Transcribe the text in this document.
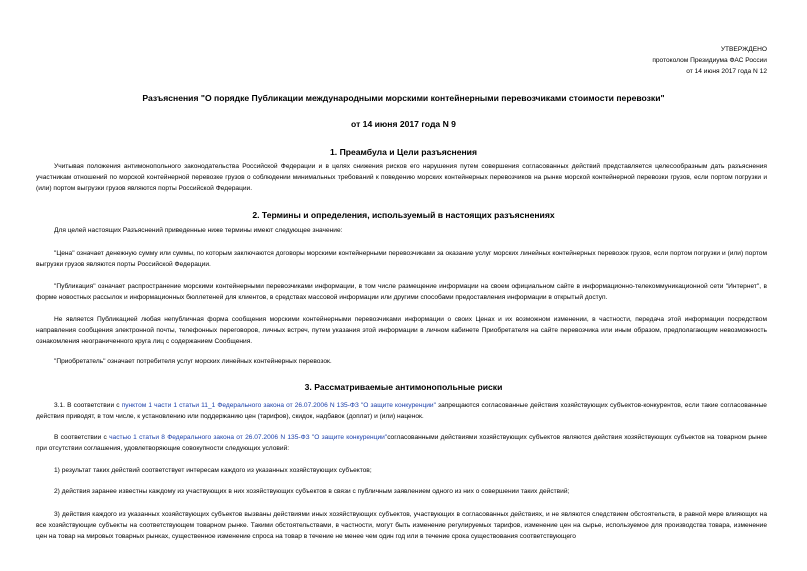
УТВЕРЖДЕНО
протоколом Президиума ФАС России
от 14 июня 2017 года N 12
Разъяснения "О порядке Публикации международными морскими контейнерными перевозчиками стоимости перевозки"
от 14 июня 2017 года N 9
1. Преамбула и Цели разъяснения
Учитывая положения антимонопольного законодательства Российской Федерации и в целях снижения рисков его нарушения путем совершения согласованных действий представляется целесообразным дать разъяснения участникам отношений по морской контейнерной перевозке грузов о соблюдении минимальных требований к поведению морских контейнерных перевозчиков на рынке морской контейнерной перевозки грузов, если портом погрузки и (или) портом выгрузки грузов являются порты Российской Федерации.
2. Термины и определения, используемый в настоящих разъяснениях
Для целей настоящих Разъяснений приведенные ниже термины имеют следующее значение:
"Цена" означает денежную сумму или суммы, по которым заключаются договоры морскими контейнерными перевозчиками за оказание услуг морских линейных контейнерных перевозок грузов, если портом погрузки и (или) портом выгрузки грузов являются порты Российской Федерации.
"Публикация" означает распространение морскими контейнерными перевозчиками информации, в том числе размещение информации на своем официальном сайте в информационно-телекоммуникационной сети "Интернет", в форме новостных рассылок и информационных бюллетеней для клиентов, в средствах массовой информации или другими способами предоставления информации в открытый доступ.
Не является Публикацией любая непубличная форма сообщения морскими контейнерными перевозчиками информации о своих Ценах и их возможном изменении, в частности, передача этой информации посредством направления сообщения электронной почты, телефонных переговоров, личных встреч, путем указания этой информации в личном кабинете Приобретателя на сайте перевозчика или иным образом, предполагающим невозможность ознакомления неограниченного круга лиц с содержанием Сообщения.
"Приобретатель" означает потребителя услуг морских линейных контейнерных перевозок.
3. Рассматриваемые антимонопольные риски
3.1. В соответствии с пунктом 1 части 1 статьи 11_1 Федерального закона от 26.07.2006 N 135-ФЗ "О защите конкуренции" запрещаются согласованные действия хозяйствующих субъектов-конкурентов, если такие согласованные действия приводят, в том числе, к установлению или поддержанию цен (тарифов), скидок, надбавок (доплат) и (или) наценок.
В соответствии с частью 1 статьи 8 Федерального закона от 26.07.2006 N 135-ФЗ "О защите конкуренции"согласованными действиями хозяйствующих субъектов являются действия хозяйствующих субъектов на товарном рынке при отсутствии соглашения, удовлетворяющие совокупности следующих условий:
1) результат таких действий соответствует интересам каждого из указанных хозяйствующих субъектов;
2) действия заранее известны каждому из участвующих в них хозяйствующих субъектов в связи с публичным заявлением одного из них о совершении таких действий;
3) действия каждого из указанных хозяйствующих субъектов вызваны действиями иных хозяйствующих субъектов, участвующих в согласованных действиях, и не являются следствием обстоятельств, в равной мере влияющих на все хозяйствующие субъекты на соответствующем товарном рынке. Такими обстоятельствами, в частности, могут быть изменение регулируемых тарифов, изменение цен на сырье, используемое для производства товара, изменение цен на товар на мировых товарных рынках, существенное изменение спроса на товар в течение не менее чем один год или в течение срока существования соответствующего
